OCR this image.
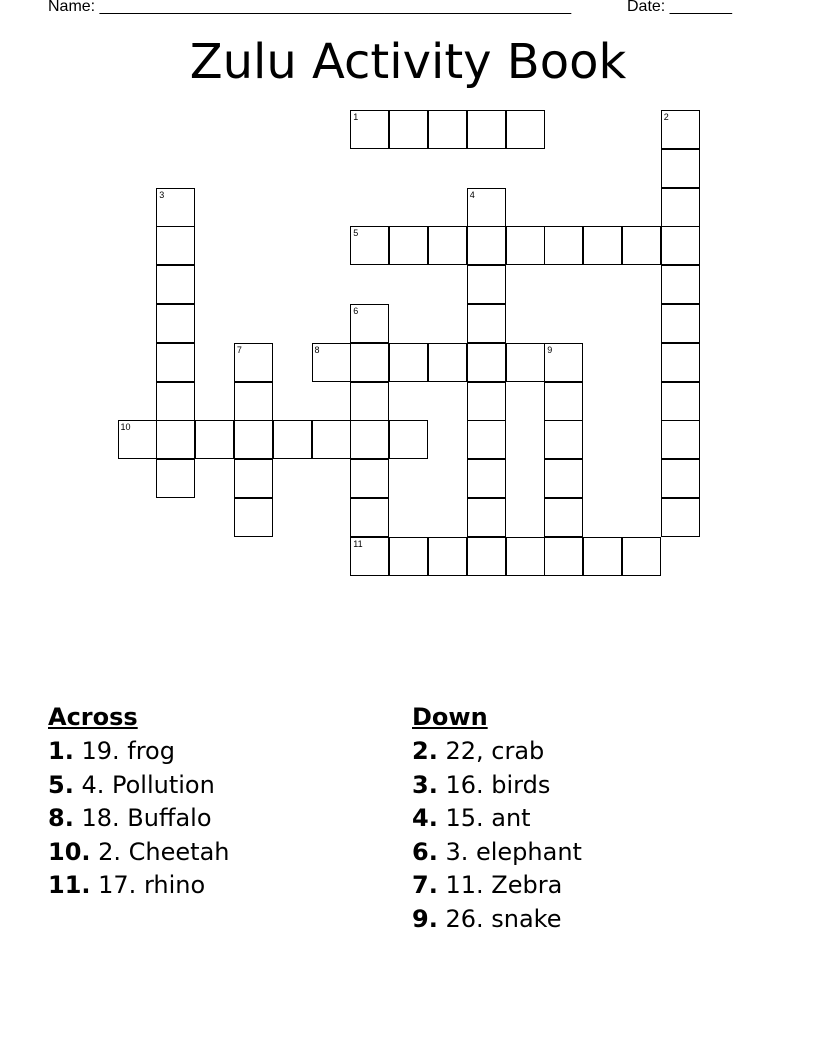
Name: _____________________________________________________	Date: _______
Zulu Activity Book
1
5
8	9
10
11
2
3	4
6
7
Across
1. 19. frog
5. 4. Pollution
8. 18. Buffalo
10. 2. Cheetah
11. 17. rhino
Down
2. 22, crab
3. 16. birds
4. 15. ant
6. 3. elephant
7. 11. Zebra
9. 26. snake
